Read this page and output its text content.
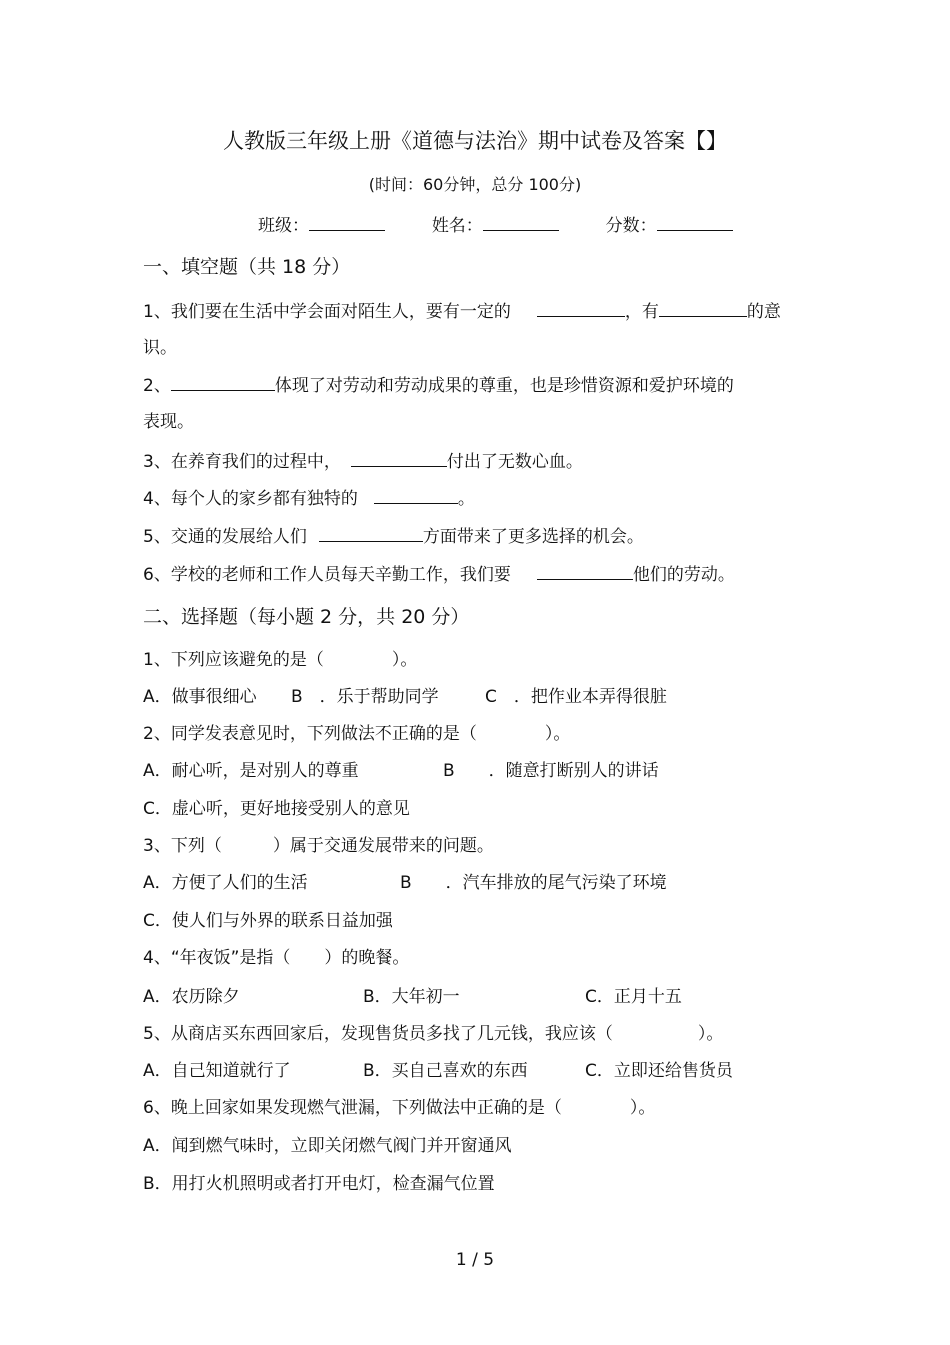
人教版三年级上册《道德与法治》期中试卷及答案【】
(时间：60分钟，总分 100分)
班级：	姓名：	分数：
一、填空题（共 18 分）
1、我们要在生活中学会面对陌生人，要有一定的	，有	的意
识。
2、	体现了对劳动和劳动成果的尊重，也是珍惜资源和爱护环境的
表现。
3、在养育我们的过程中，	付出了无数心血。
4、每个人的家乡都有独特的	。
5、交通的发展给人们	方面带来了更多选择的机会。
6、学校的老师和工作人员每天辛勤工作，我们要	他们的劳动。
二、选择题（每小题 2 分，共 20 分）
1、下列应该避免的是（　　　　）。
A．做事很细心 B　．乐于帮助同学	C　．把作业本弄得很脏
2、同学发表意见时，下列做法不正确的是（　　　　）。
A．耐心听，是对别人的尊重	B　　．随意打断别人的讲话
C．虚心听，更好地接受别人的意见
3、下列（　　　）属于交通发展带来的问题。
A．方便了人们的生活	B　　．汽车排放的尾气污染了环境
C．使人们与外界的联系日益加强
4、“年夜饭”是指（　　）的晚餐。
A．农历除夕	B．大年初一	C．正月十五
5、从商店买东西回家后，发现售货员多找了几元钱，我应该（　　　　　）。
A．自己知道就行了	B．买自己喜欢的东西	C．立即还给售货员
6、晚上回家如果发现燃气泄漏，下列做法中正确的是（　　　　）。
A．闻到燃气味时，立即关闭燃气阀门并开窗通风
B．用打火机照明或者打开电灯，检查漏气位置
1 / 5
